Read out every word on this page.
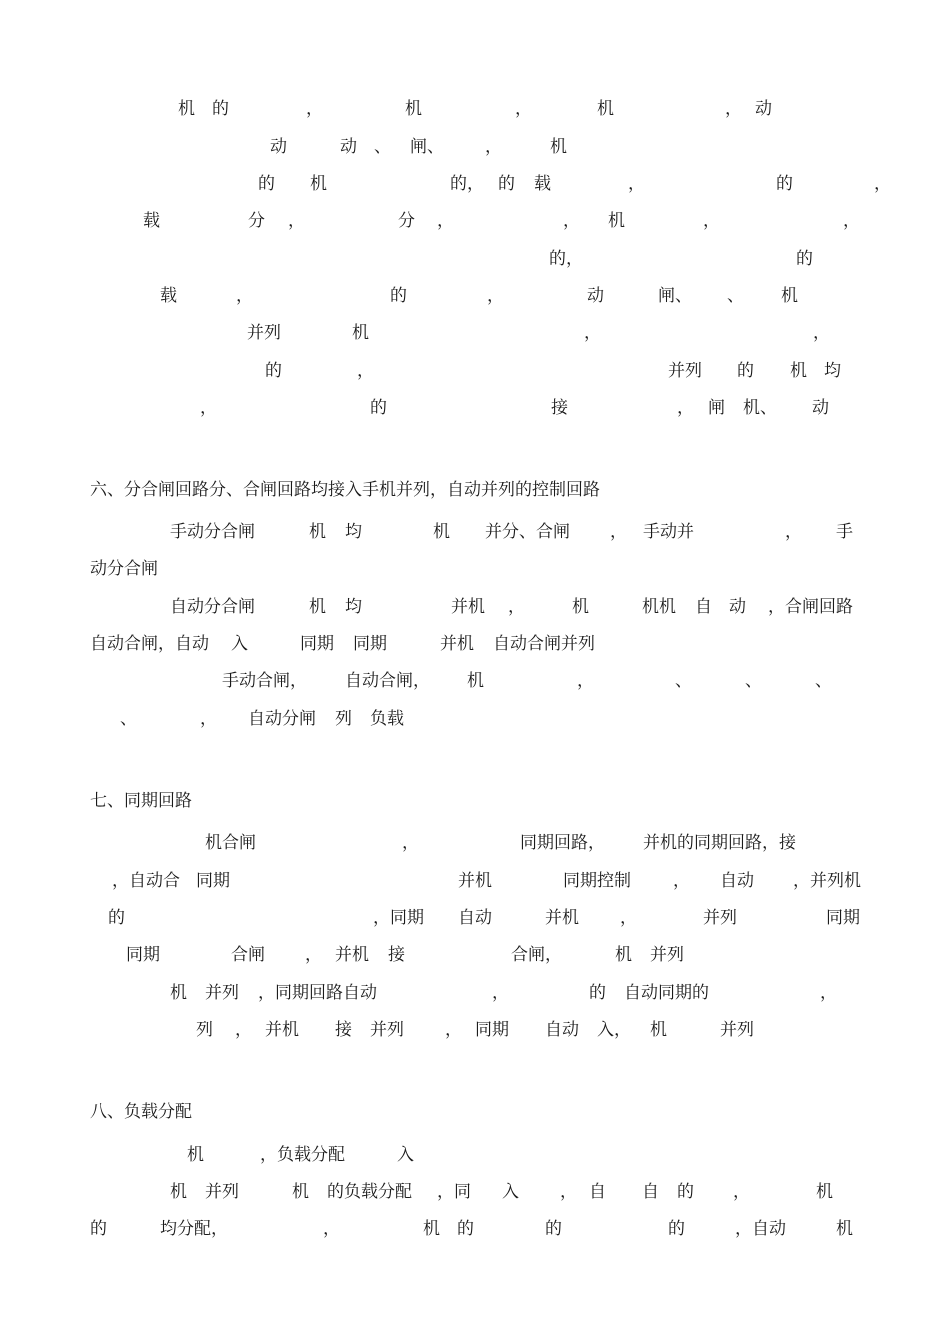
机 的	，	机	，	机	， 动
动	动 、 闸、 ，	机
的 机	的， 的 载	，	的	，
载	分 ，	分 ，	， 机	，	，
的，	的
载	，	的	，	动	闸、 、 机
并列	机	，	，
的	，	并列 的 机 均
，	的	接	， 闸 机、 动
六、分合闸回路分、合闸回路均接入手机并列，自动并列的控制回路
手动分合闸	机 均	机 并分、合闸 ， 手动并	， 手
动分合闸
自动分合闸	机 均	并机 ，	机	机机 自 动 ，合闸回路
自动合闸，自动 入	同期 同期	并机 自动合闸并列
手动合闸， 自动合闸， 机	，	、	、	、
、	， 自动分闸 列 负载
七、同期回路
机合闸	，	同期回路， 并机的同期回路，接
，自动合 同期	并机	同期控制 ， 自动 ，并列机
的	，同期 自动	并机 ，	并列	同期
同期	合闸 ， 并机 接	合闸，	机 并列
机 并列 ，同期回路自动	，	的 自动同期的	，
列 ， 并机 接 并列 ， 同期 自动 入， 机	并列
八、负载分配
机	，负载分配	入
机 并列	机 的负载分配 ，同 入 ， 自 自 的 ，	机
的	均分配，	，	机 的	的	的	，自动	机
